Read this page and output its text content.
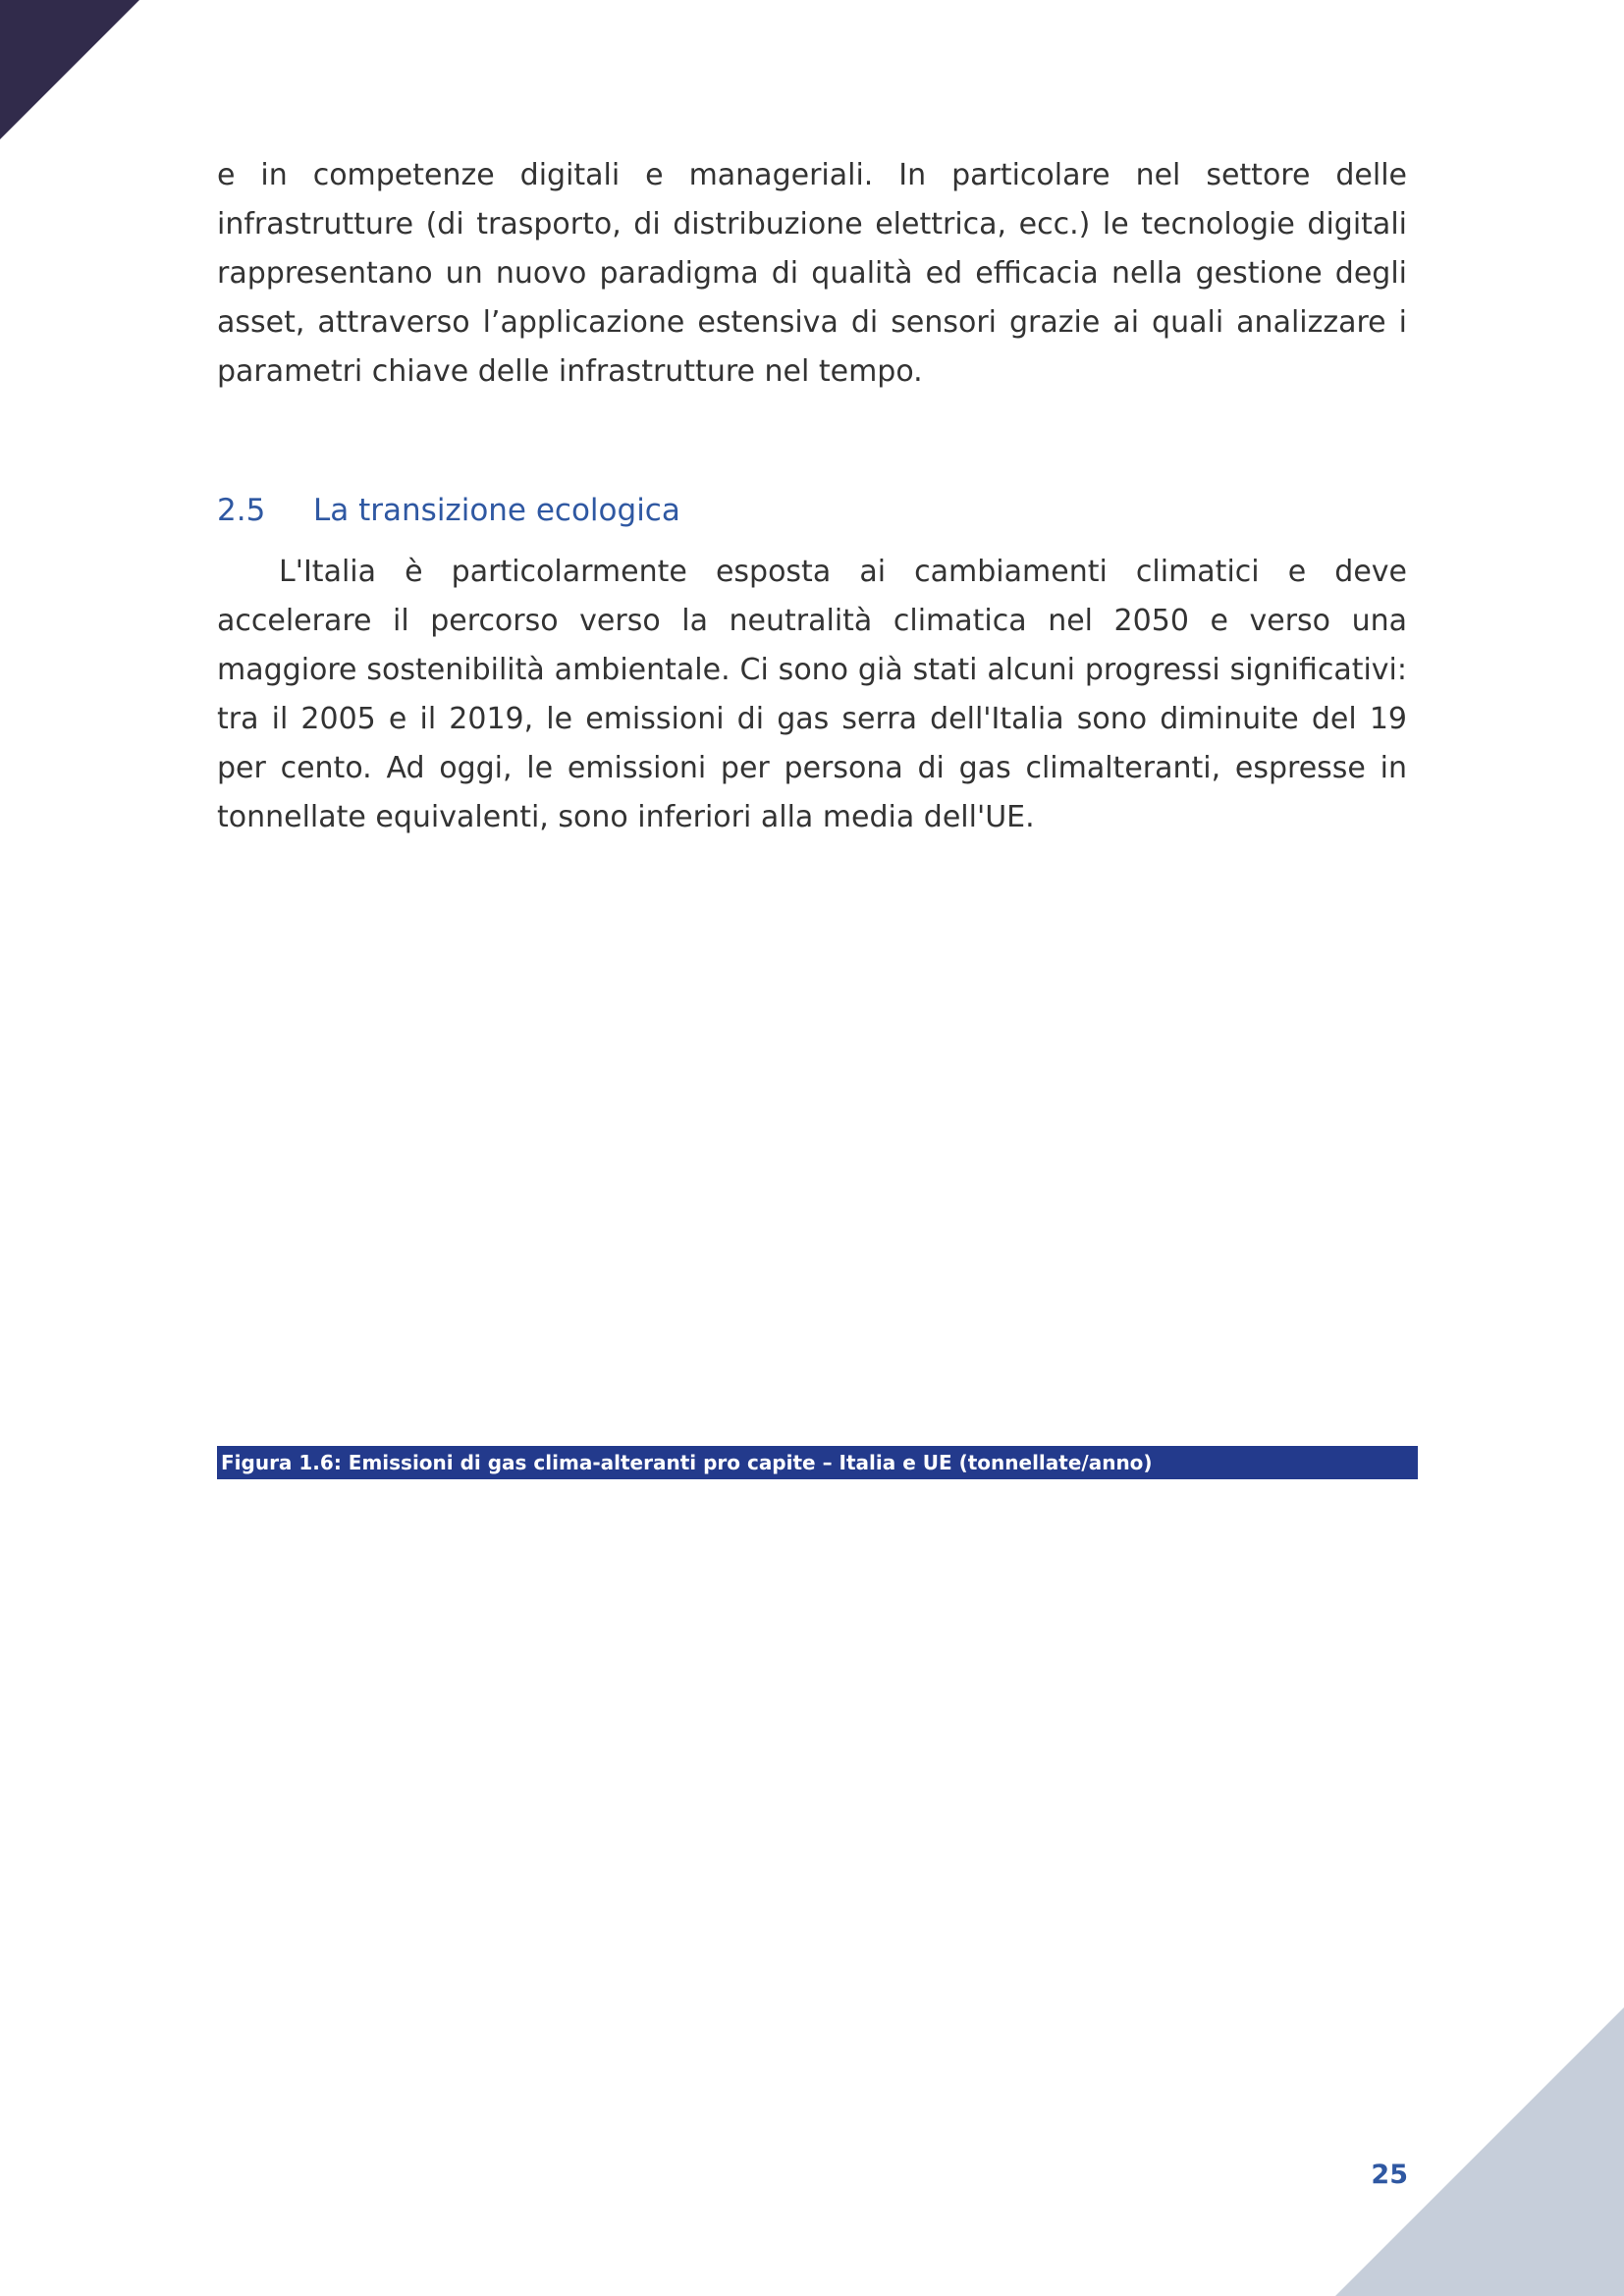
e in competenze digitali e manageriali. In particolare nel settore delle infrastrutture (di trasporto, di distribuzione elettrica, ecc.) le tecnologie digitali rappresentano un nuovo paradigma di qualità ed efficacia nella gestione degli asset, attraverso l’applicazione estensiva di sensori grazie ai quali analizzare i parametri chiave delle infrastrutture nel tempo.

2.5	La transizione ecologica

L'Italia è particolarmente esposta ai cambiamenti climatici e deve accelerare il percorso verso la neutralità climatica nel 2050 e verso una maggiore sostenibilità ambientale. Ci sono già stati alcuni progressi significativi: tra il 2005 e il 2019, le emissioni di gas serra dell'Italia sono diminuite del 19 per cento. Ad oggi, le emissioni per persona di gas climalteranti, espresse in tonnellate equivalenti, sono inferiori alla media dell'UE.

Figura 1.6: Emissioni di gas clima-alteranti pro capite – Italia e UE (tonnellate/anno)
25
